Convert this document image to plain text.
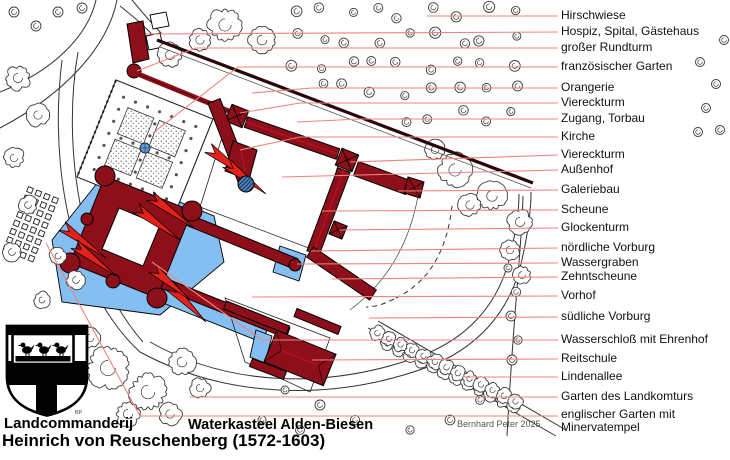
BP
Hirschwiese
Hospiz, Spital, Gästehaus
großer Rundturm
französischer Garten
Orangerie
Viereckturm
Zugang, Torbau
Kirche
Viereckturm
Außenhof
Galeriebau
Scheune
Glockenturm
nördliche Vorburg
Wassergraben
Zehntscheune
Vorhof
südliche Vorburg
Wasserschloß mit Ehrenhof
Reitschule
Lindenallee
Garten des Landkomturs
englischer Garten mit Minervatempel
Landcommanderij	Waterkasteel Alden-Biesen
Heinrich von Reuschenberg (1572-1603)
Bernhard Peter 2025
